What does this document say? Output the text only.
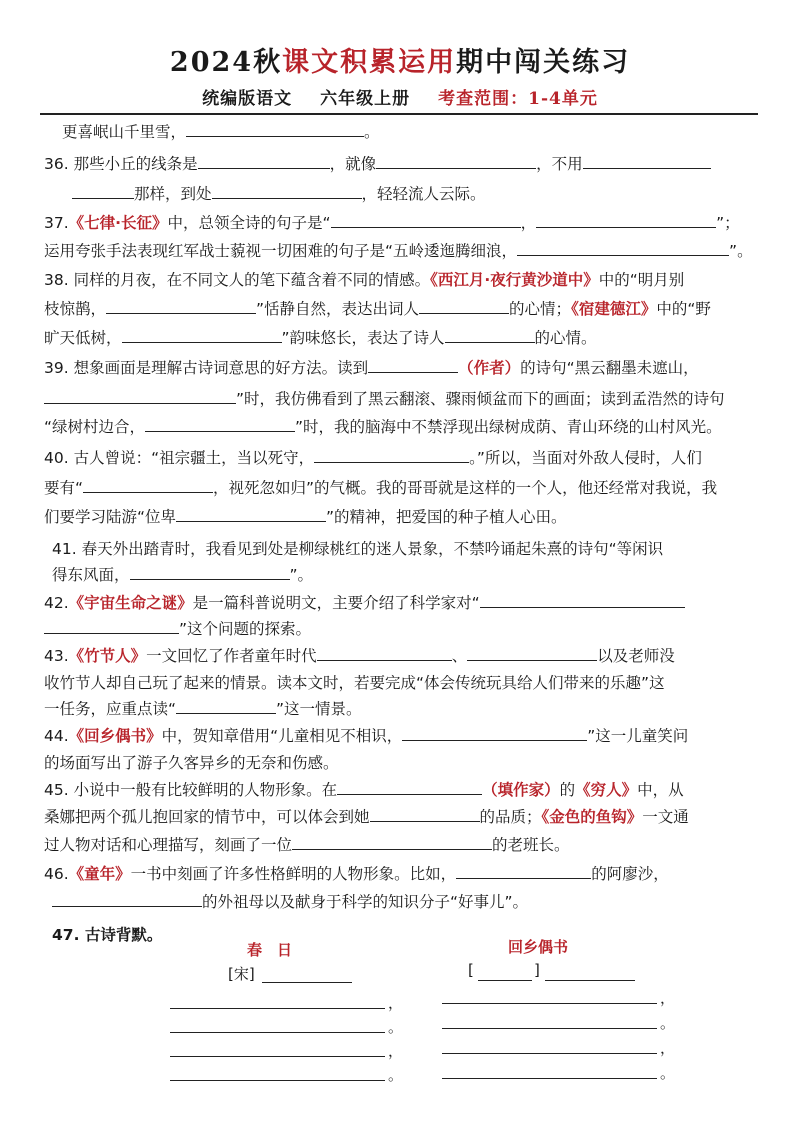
2024秋课文积累运用期中闯关练习
统编版语文 六年级上册 考查范围：1-4单元
更喜岷山千里雪，	。
36. 那些小丘的线条是	，就像	，不用
那样，到处	，轻轻流人云际。
37.《七律·长征》中，总领全诗的句子是“	，	”；
运用夸张手法表现红军战士藐视一切困难的句子是“五岭逶迤腾细浪，	”。
38. 同样的月夜，在不同文人的笔下蕴含着不同的情感。《西江月·夜行黄沙道中》中的“明月别
枝惊鹊，	”恬静自然，表达出词人	的心情；《宿建德江》中的“野
旷天低树，	”韵味悠长，表达了诗人	的心情。
39. 想象画面是理解古诗词意思的好方法。读到	（作者）的诗句“黑云翻墨未遮山，
”时，我仿佛看到了黑云翻滚、骤雨倾盆而下的画面；读到孟浩然的诗句
“绿树村边合，	”时，我的脑海中不禁浮现出绿树成荫、青山环绕的山村风光。
40. 古人曾说：“祖宗疆土，当以死守，	。”所以，当面对外敌人侵时，人们
要有“	，视死忽如归”的气概。我的哥哥就是这样的一个人，他还经常对我说，我
们要学习陆游“位卑	”的精神，把爱国的种子植人心田。
41. 春天外出踏青时，我看见到处是柳绿桃红的迷人景象，不禁吟诵起朱熹的诗句“等闲识
得东风面，	”。
42.《宇宙生命之谜》是一篇科普说明文，主要介绍了科学家对“
”这个问题的探索。
43.《竹节人》一文回忆了作者童年时代	、	以及老师没
收竹节人却自己玩了起来的情景。读本文时，若要完成“体会传统玩具给人们带来的乐趣”这
一任务，应重点读“	”这一情景。
44.《回乡偶书》中，贺知章借用“儿童相见不相识，	”这一儿童笑问
的场面写出了游子久客异乡的无奈和伤感。
45. 小说中一般有比较鲜明的人物形象。在	（填作家）的《穷人》中，从
桑娜把两个孤儿抱回家的情节中，可以体会到她	的品质；《金色的鱼钩》一文通
过人物对话和心理描写，刻画了一位	的老班长。
46.《童年》一书中刻画了许多性格鲜明的人物形象。比如，	的阿廖沙，
的外祖母以及献身于科学的知识分子“好事儿”。
47. 古诗背默。
春　日
[宋]
，
。
，
。
回乡偶书
[	]
，
。
，
。
